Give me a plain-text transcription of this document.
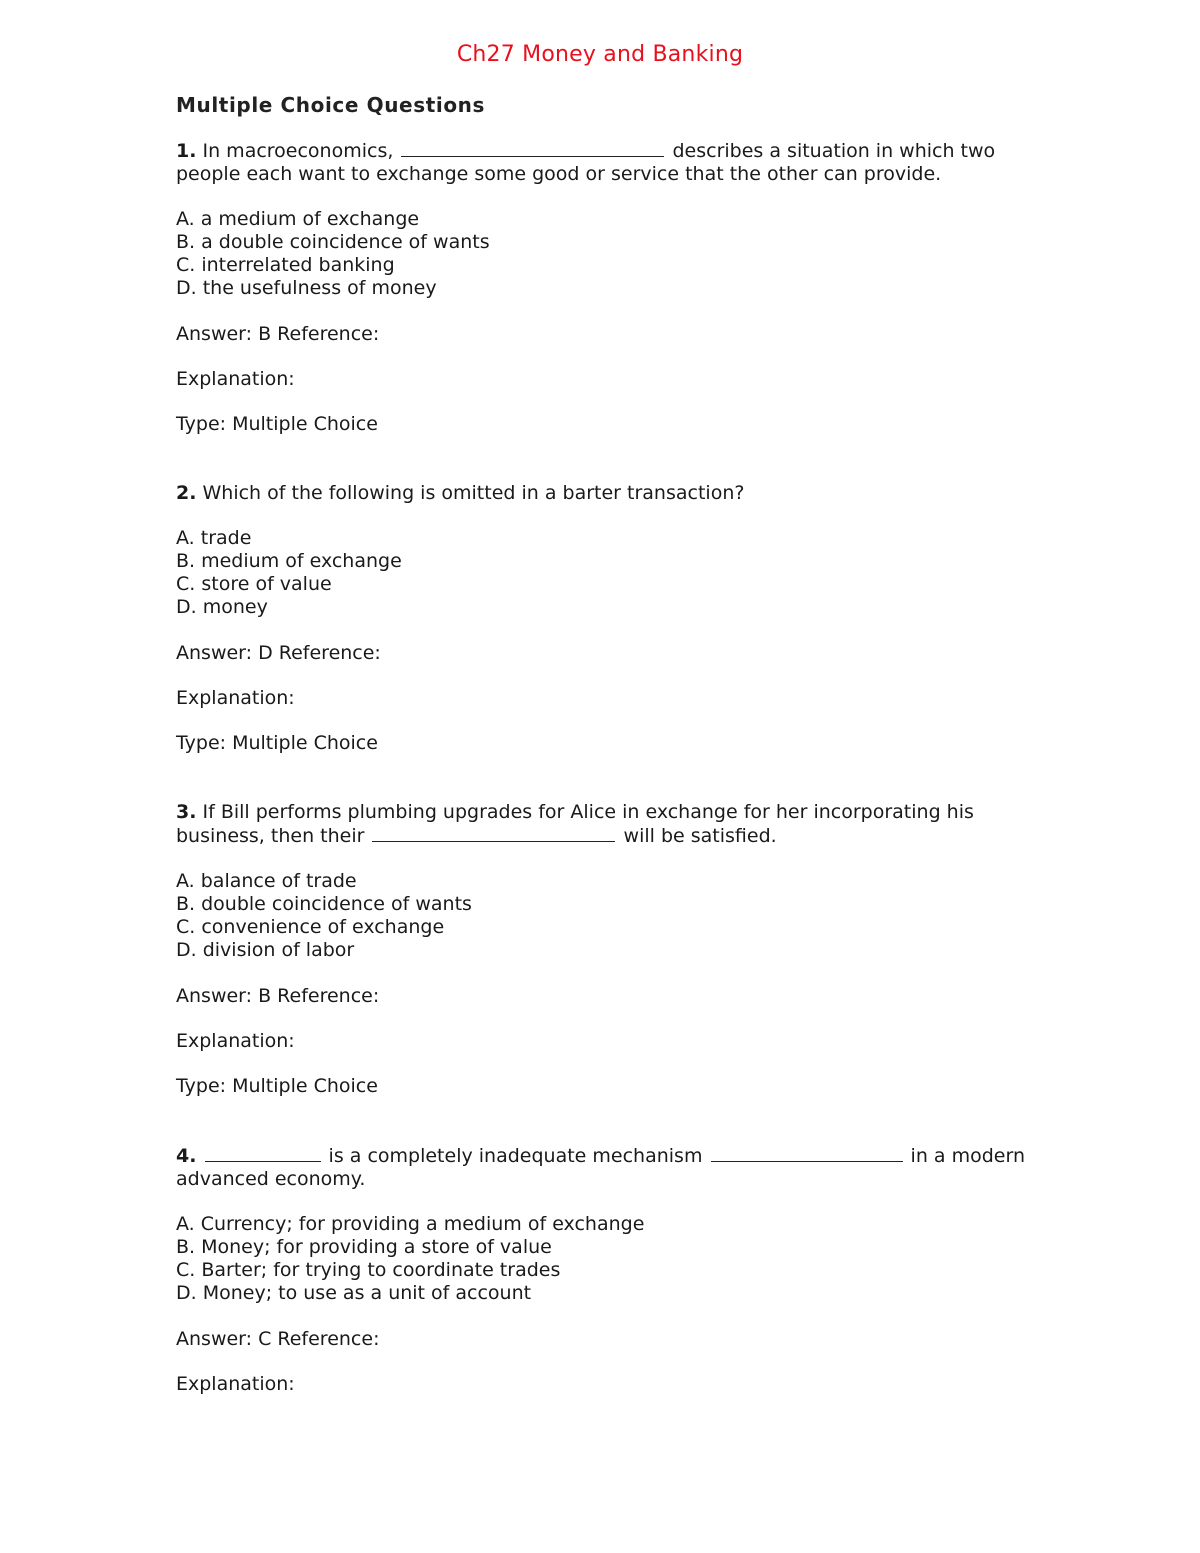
Ch27 Money and Banking
Multiple Choice Questions

1. In macroeconomics,	describes a situation in which two people each want to exchange some good or service that the other can provide.

A. a medium of exchange
B. a double coincidence of wants
C. interrelated banking
D. the usefulness of money
Answer: B Reference:
Explanation:
Type: Multiple Choice

2. Which of the following is omitted in a barter transaction?

A. trade
B. medium of exchange
C. store of value
D. money
Answer: D Reference:
Explanation:
Type: Multiple Choice

3. If Bill performs plumbing upgrades for Alice in exchange for her incorporating his business, then their	will be satisfied.

A. balance of trade
B. double coincidence of wants
C. convenience of exchange
D. division of labor
Answer: B Reference:
Explanation:
Type: Multiple Choice

4.	is a completely inadequate mechanism	in a modern advanced economy.

A. Currency; for providing a medium of exchange
B. Money; for providing a store of value
C. Barter; for trying to coordinate trades
D. Money; to use as a unit of account
Answer: C Reference:
Explanation:
